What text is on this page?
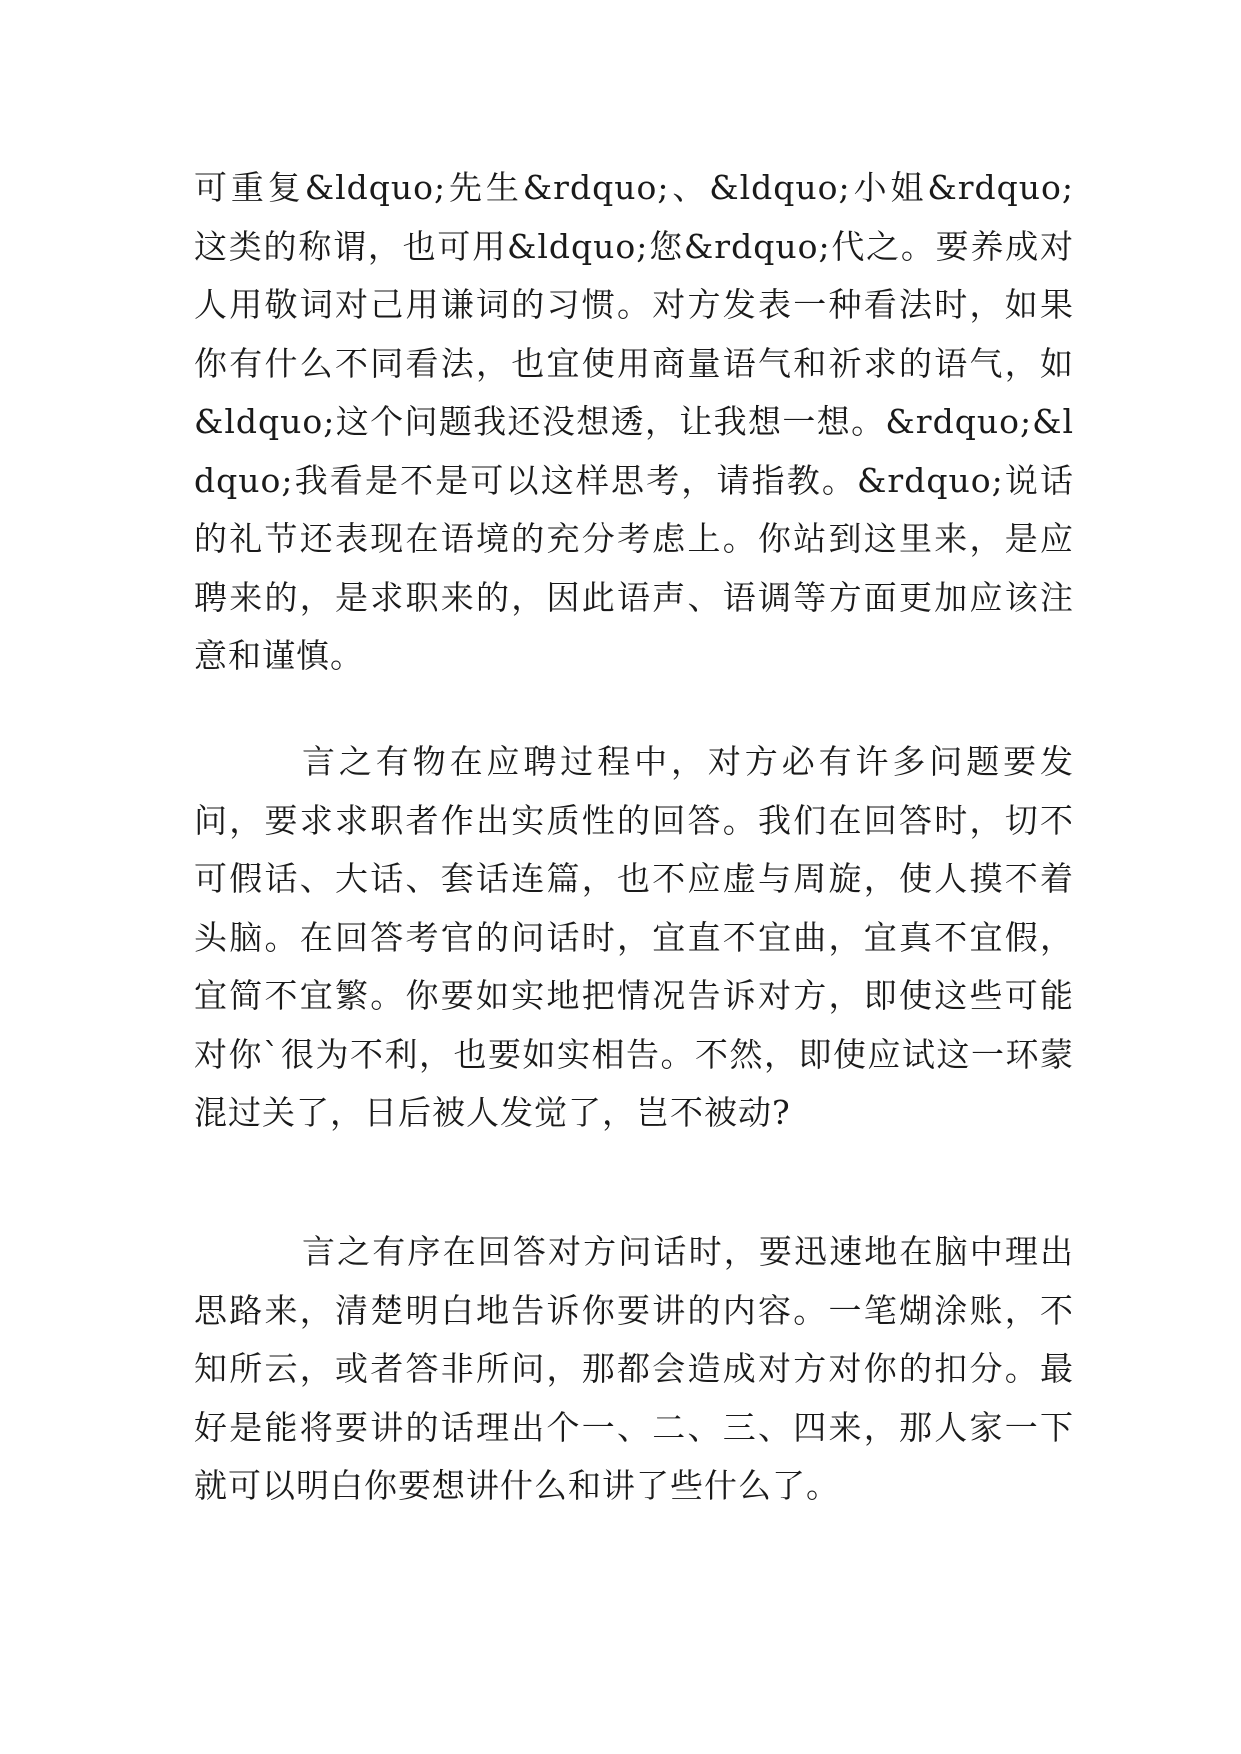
可重复&ldquo;先生&rdquo;、&ldquo;小姐&rdquo;这类的称谓，也可用&ldquo;您&rdquo;代之。要养成对人用敬词对己用谦词的习惯。对方发表一种看法时，如果你有什么不同看法，也宜使用商量语气和祈求的语气，如&ldquo;这个问题我还没想透，让我想一想。&rdquo;&ldquo;我看是不是可以这样思考，请指教。&rdquo;说话的礼节还表现在语境的充分考虑上。你站到这里来，是应聘来的，是求职来的，因此语声、语调等方面更加应该注意和谨慎。

言之有物在应聘过程中，对方必有许多问题要发问，要求求职者作出实质性的回答。我们在回答时，切不可假话、大话、套话连篇，也不应虚与周旋，使人摸不着头脑。在回答考官的问话时，宜直不宜曲，宜真不宜假，宜简不宜繁。你要如实地把情况告诉对方，即使这些可能对你`很为不利，也要如实相告。不然，即使应试这一环蒙混过关了，日后被人发觉了，岂不被动?

言之有序在回答对方问话时，要迅速地在脑中理出思路来，清楚明白地告诉你要讲的内容。一笔煳涂账，不知所云，或者答非所问，那都会造成对方对你的扣分。最好是能将要讲的话理出个一、二、三、四来，那人家一下就可以明白你要想讲什么和讲了些什么了。
